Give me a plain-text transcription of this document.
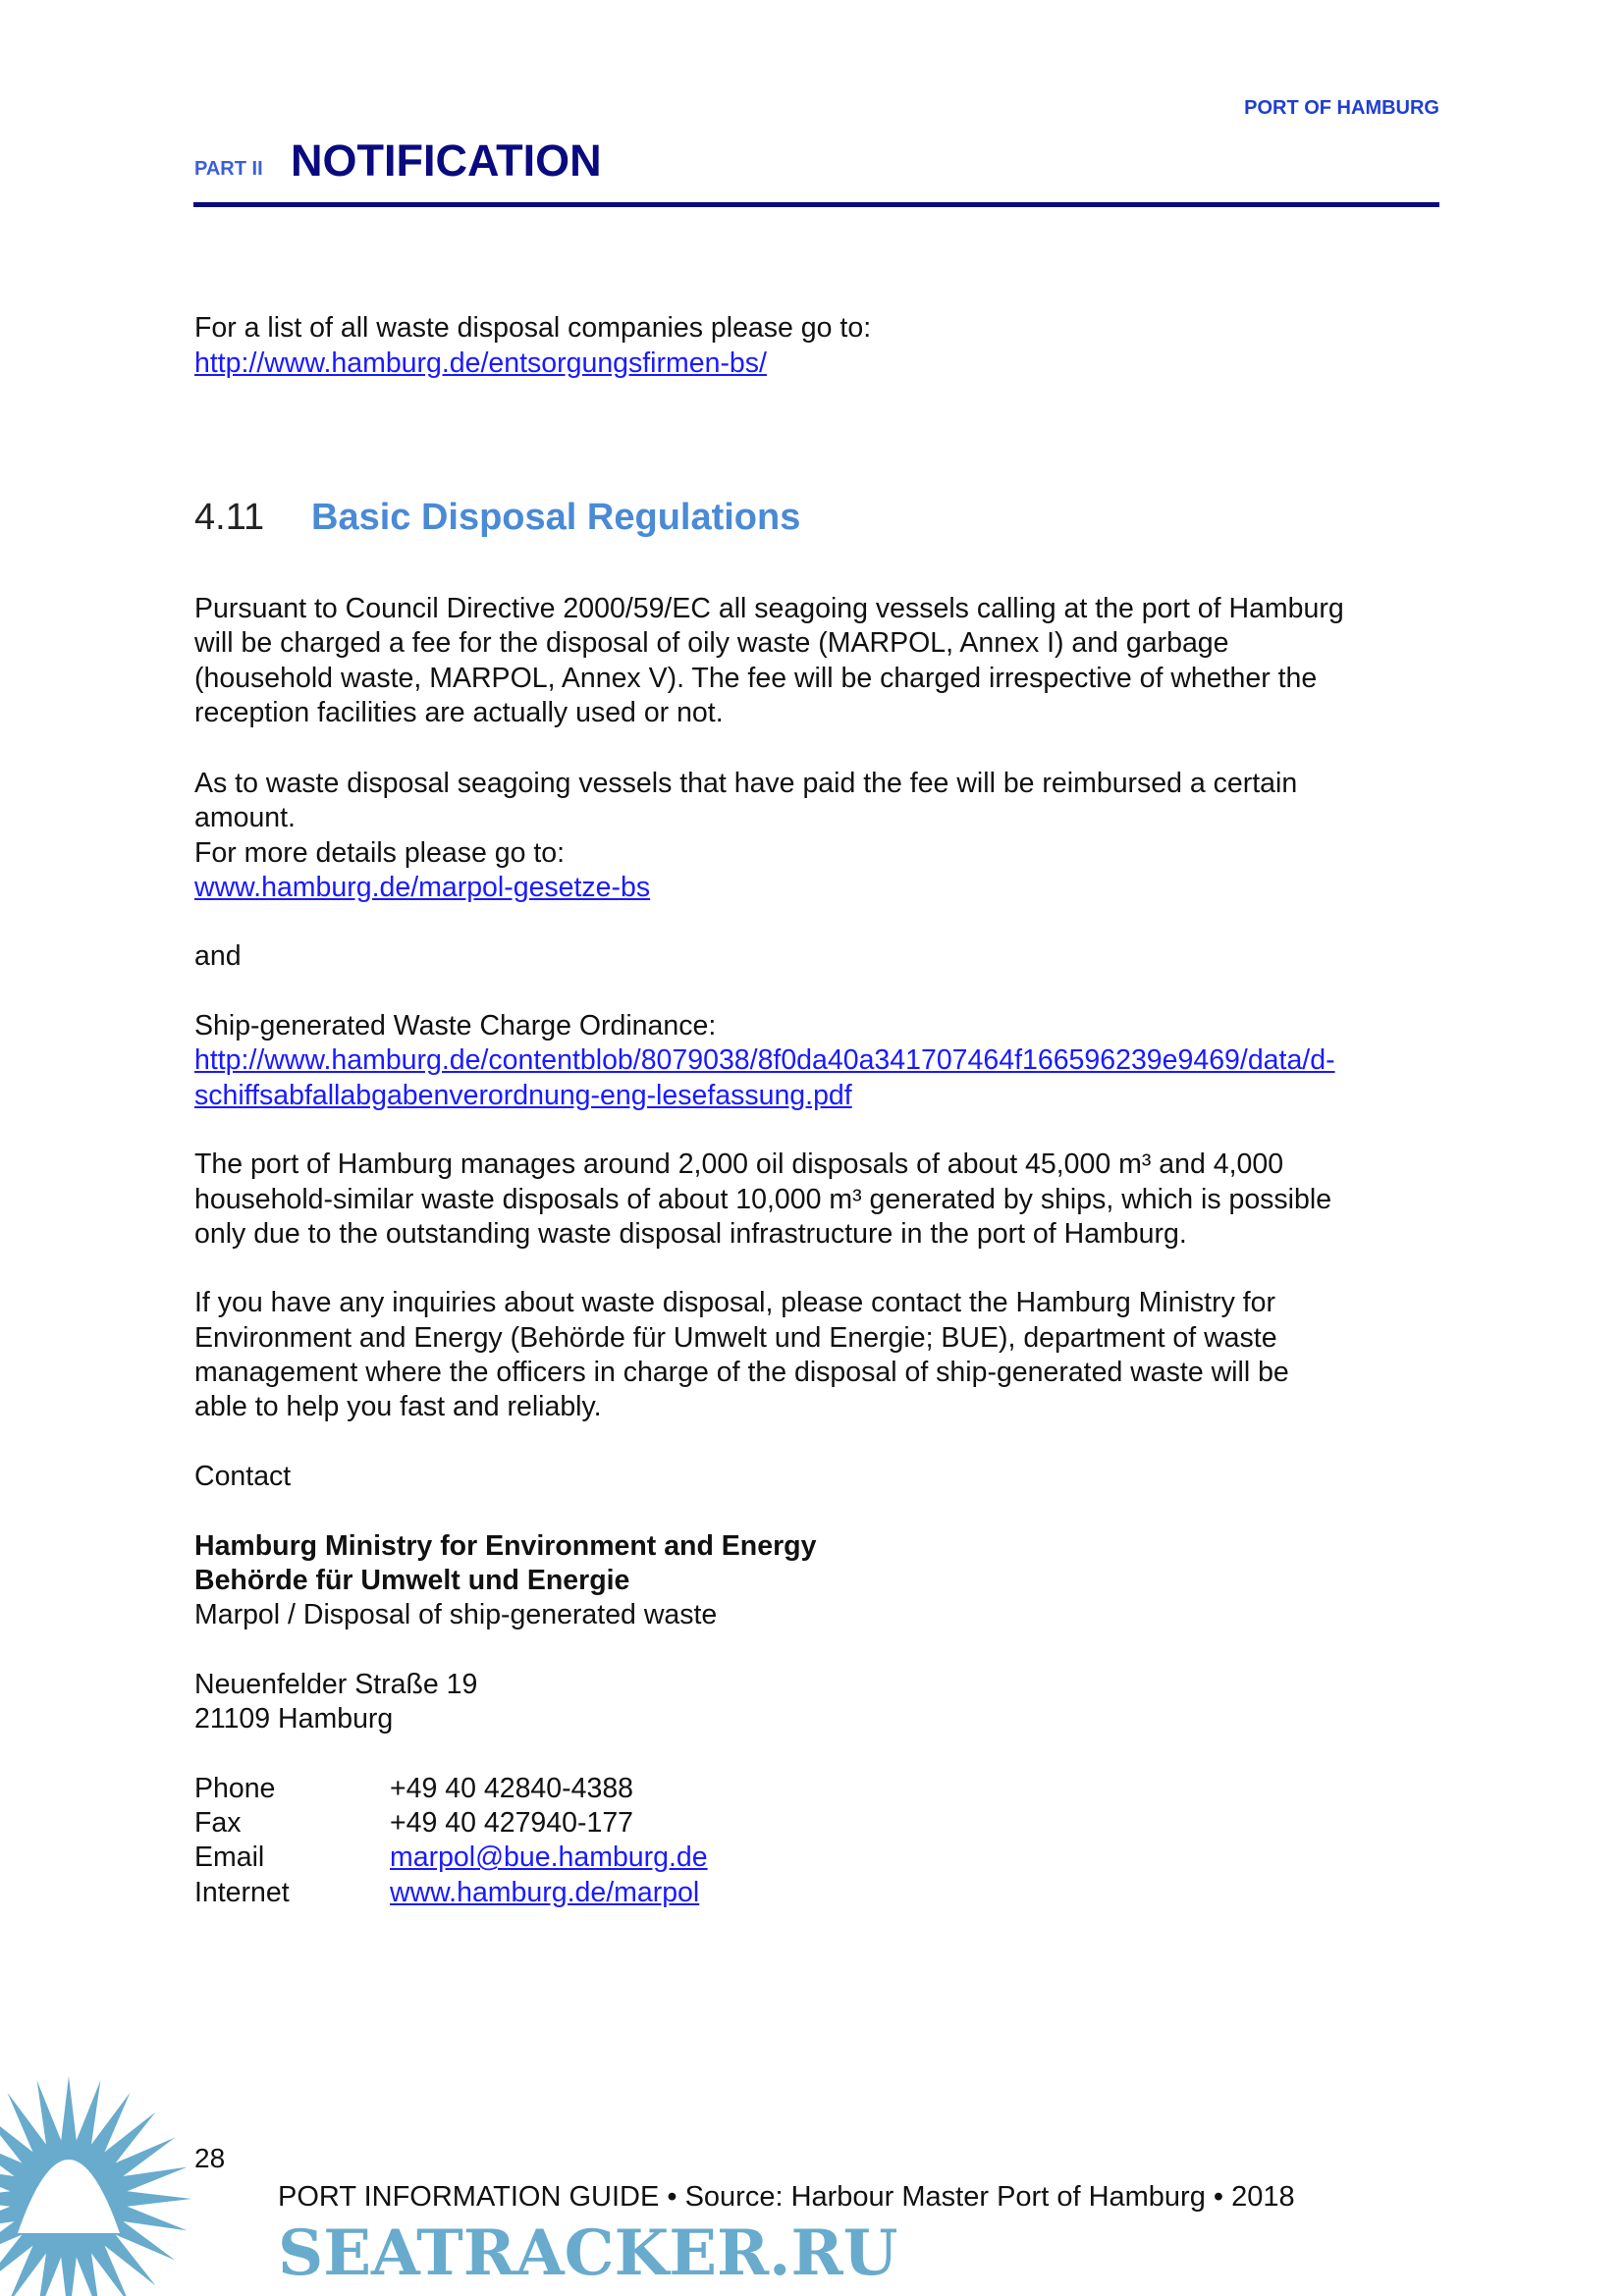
PORT OF HAMBURG
PART II NOTIFICATION
For a list of all waste disposal companies please go to:
http://www.hamburg.de/entsorgungsfirmen-bs/
4.11 Basic Disposal Regulations
Pursuant to Council Directive 2000/59/EC all seagoing vessels calling at the port of Hamburg
will be charged a fee for the disposal of oily waste (MARPOL, Annex I) and garbage
(household waste, MARPOL, Annex V). The fee will be charged irrespective of whether the
reception facilities are actually used or not.
As to waste disposal seagoing vessels that have paid the fee will be reimbursed a certain
amount.
For more details please go to:
www.hamburg.de/marpol-gesetze-bs

and

Ship-generated Waste Charge Ordinance:
http://www.hamburg.de/contentblob/8079038/8f0da40a341707464f166596239e9469/data/d-
schiffsabfallabgabenverordnung-eng-lesefassung.pdf

The port of Hamburg manages around 2,000 oil disposals of about 45,000 m³ and 4,000
household-similar waste disposals of about 10,000 m³ generated by ships, which is possible
only due to the outstanding waste disposal infrastructure in the port of Hamburg.

If you have any inquiries about waste disposal, please contact the Hamburg Ministry for
Environment and Energy (Behörde für Umwelt und Energie; BUE), department of waste
management where the officers in charge of the disposal of ship-generated waste will be
able to help you fast and reliably.

Contact

Hamburg Ministry for Environment and Energy
Behörde für Umwelt und Energie
Marpol / Disposal of ship-generated waste

Neuenfelder Straße 19
21109 Hamburg

Phone	+49 40 42840-4388
Fax	+49 40 427940-177
Email	marpol@bue.hamburg.de
Internet	www.hamburg.de/marpol
SEATRACKER.RU
28
PORT INFORMATION GUIDE • Source: Harbour Master Port of Hamburg • 2018
